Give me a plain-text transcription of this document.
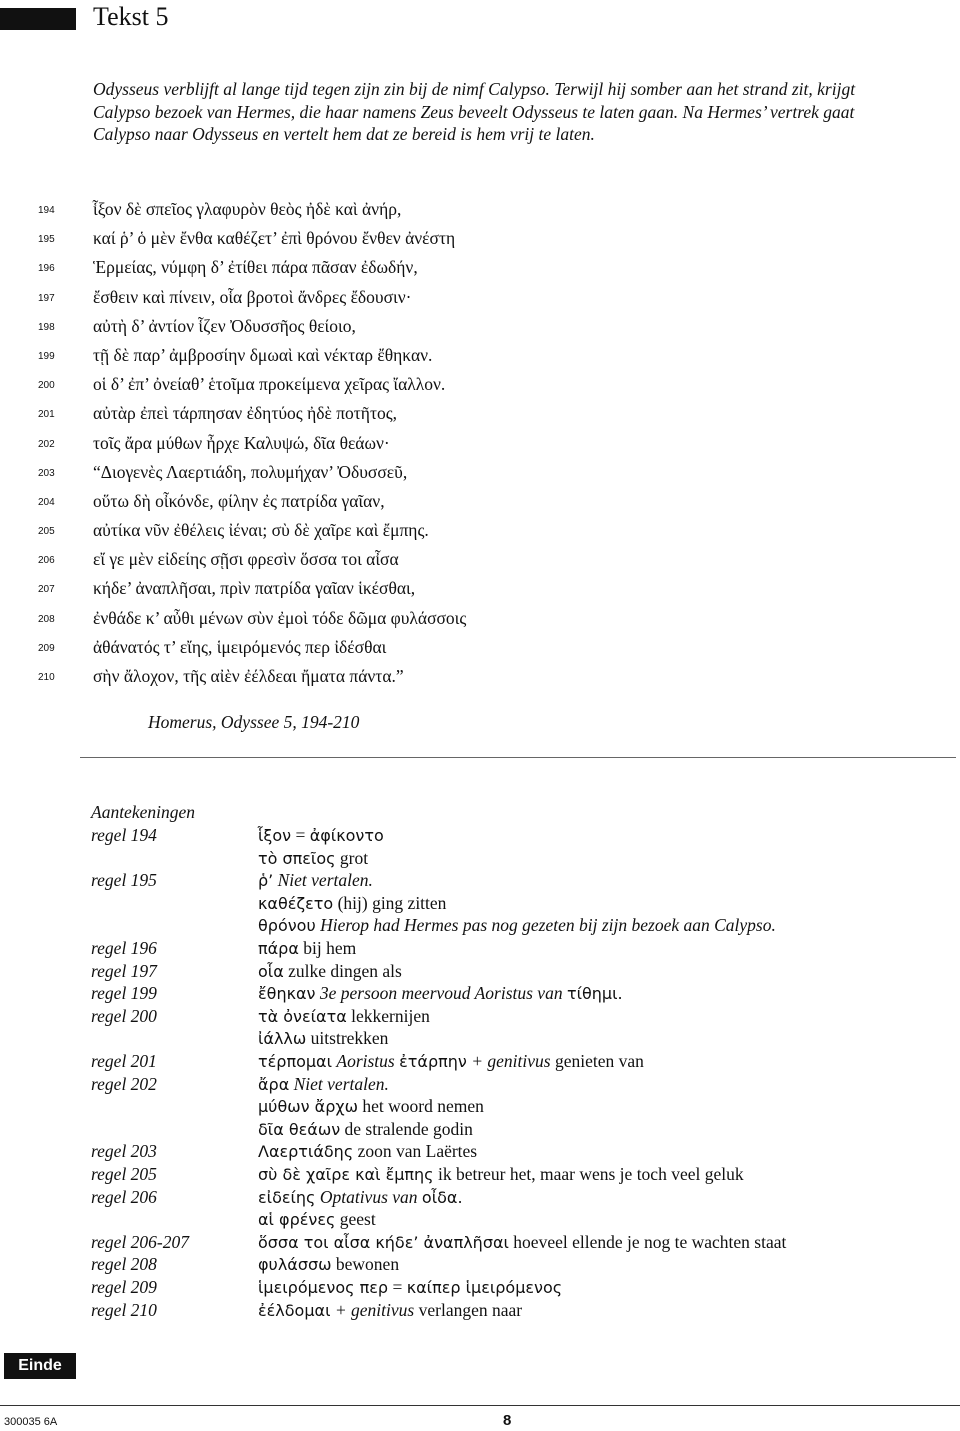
Tekst 5
Odysseus verblijft al lange tijd tegen zijn zin bij de nimf Calypso. Terwijl hij somber aan het strand zit, krijgt Calypso bezoek van Hermes, die haar namens Zeus beveelt Odysseus te laten gaan. Na Hermes’ vertrek gaat Calypso naar Odysseus en vertelt hem dat ze bereid is hem vrij te laten.
194 ἷξον δὲ σπεῖος γλαφυρὸν θεὸς ἠδὲ καὶ ἀνήρ,
195 καί ῥ’ ὁ μὲν ἔνθα καθέζετ’ ἐπὶ θρόνου ἔνθεν ἀνέστη
196 Ἑρμείας, νύμφη δ’ ἐτίθει πάρα πᾶσαν ἐδωδήν,
197 ἔσθειν καὶ πίνειν, οἷα βροτοὶ ἄνδρες ἔδουσιν·
198 αὐτὴ δ’ ἀντίον ἷζεν Ὀδυσσῆος θείοιο,
199 τῇ δὲ παρ’ ἀμβροσίην δμωαὶ καὶ νέκταρ ἔθηκαν.
200 οἱ δ’ ἐπ’ ὀνείαθ’ ἑτοῖμα προκείμενα χεῖρας ἴαλλον.
201 αὐτὰρ ἐπεὶ τάρπησαν ἐδητύος ἠδὲ ποτῆτος,
202 τοῖς ἄρα μύθων ἦρχε Καλυψώ, δῖα θεάων·
203 “Διογενὲς Λαερτιάδη, πολυμήχαν’ Ὀδυσσεῦ,
204 οὕτω δὴ οἶκόνδε, φίλην ἐς πατρίδα γαῖαν,
205 αὐτίκα νῦν ἐθέλεις ἰέναι; σὺ δὲ χαῖρε καὶ ἔμπης.
206 εἴ γε μὲν εἰδείης σῇσι φρεσὶν ὅσσα τοι αἶσα
207 κήδε’ ἀναπλῆσαι, πρὶν πατρίδα γαῖαν ἱκέσθαι,
208 ἐνθάδε κ’ αὖθι μένων σὺν ἐμοὶ τόδε δῶμα φυλάσσοις
209 ἀθάνατός τ’ εἴης, ἱμειρόμενός περ ἰδέσθαι
210 σὴν ἄλοχον, τῆς αἰὲν ἐέλδεαι ἤματα πάντα.”
Homerus, Odyssee 5, 194-210
Aantekeningen
regel 194	ἷξον = ἀφίκοντο
τὸ σπεῖος grot
regel 195	ῥ’ Niet vertalen.
καθέζετο (hij) ging zitten
θρόνου Hierop had Hermes pas nog gezeten bij zijn bezoek aan Calypso.
regel 196	πάρα bij hem
regel 197	οἷα zulke dingen als
regel 199	ἔθηκαν 3e persoon meervoud Aoristus van τίθημι.
regel 200	τὰ ὀνείατα lekkernijen
ἰάλλω uitstrekken
regel 201	τέρπομαι Aoristus ἐτάρπην + genitivus genieten van
regel 202	ἄρα Niet vertalen.
μύθων ἄρχω het woord nemen
δῖα θεάων de stralende godin
regel 203	Λαερτιάδης zoon van Laërtes
regel 205	σὺ δὲ χαῖρε καὶ ἔμπης ik betreur het, maar wens je toch veel geluk
regel 206	εἰδείης Optativus van οἶδα.
αἱ φρένες geest
regel 206-207	ὅσσα τοι αἶσα κήδε’ ἀναπλῆσαι hoeveel ellende je nog te wachten staat
regel 208	φυλάσσω bewonen
regel 209	ἱμειρόμενος περ = καίπερ ἱμειρόμενος
regel 210	ἐέλδομαι + genitivus verlangen naar
Einde
300035 6A	8
